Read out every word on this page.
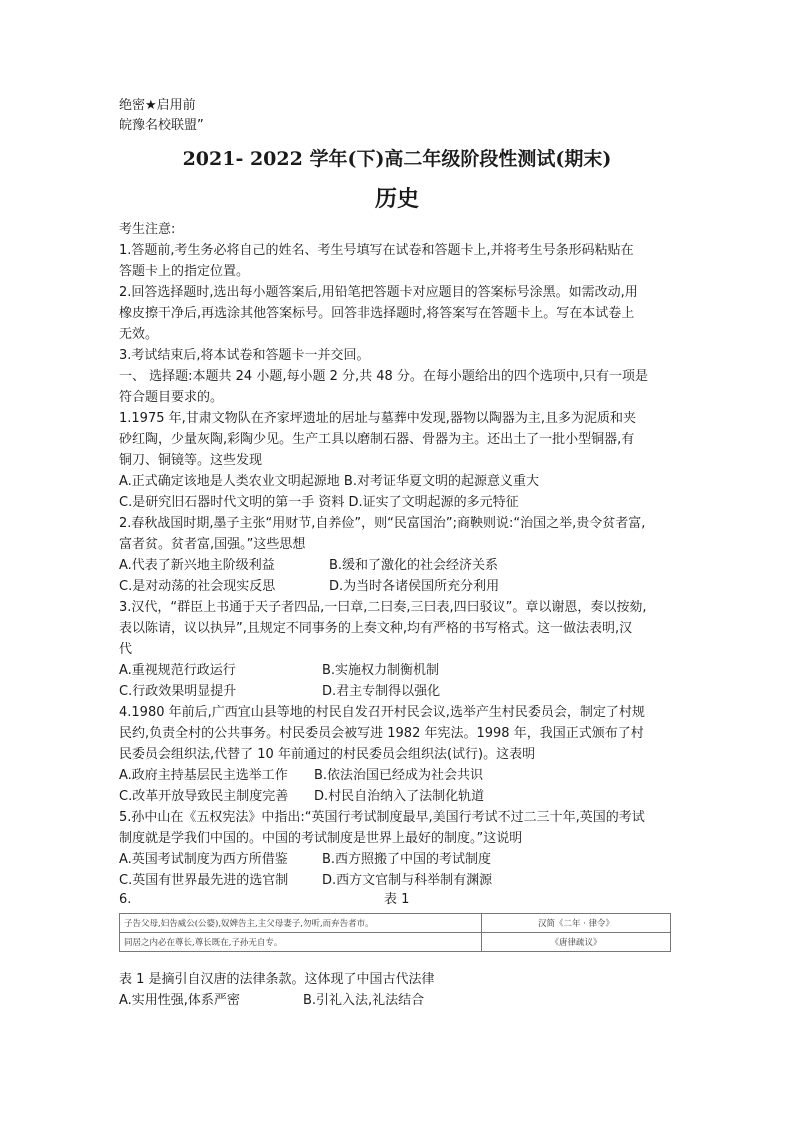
绝密★启用前
皖豫名校联盟”
2021- 2022 学年(下)高二年级阶段性测试(期末)
历史
考生注意:
1.答题前,考生务必将自己的姓名、考生号填写在试卷和答题卡上,并将考生号条形码粘贴在
答题卡上的指定位置。
2.回答选择题时,选出每小题答案后,用铅笔把答题卡对应题目的答案标号涂黑。如需改动,用
橡皮擦干净后,再选涂其他答案标号。回答非选择题时,将答案写在答题卡上。写在本试卷上
无效。
3.考试结束后,将本试卷和答题卡一并交回。
一、 选择题:本题共 24 小题,每小题 2 分,共 48 分。在每小题给出的四个选项中,只有一项是
符合题目要求的。
1.1975 年,甘肃文物队在齐家坪遗址的居址与墓葬中发现,器物以陶器为主,且多为泥质和夹
砂红陶，少量灰陶,彩陶少见。生产工具以磨制石器、骨器为主。还出土了一批小型铜器,有
铜刀、铜镜等。这些发现
A.正式确定该地是人类农业文明起源地 B.对考证华夏文明的起源意义重大
C.是研究旧石器时代文明的第一手 资料 D.证实了文明起源的多元特征
2.春秋战国时期,墨子主张“用财节,自养俭”，则“民富国治”;商鞅则说:“治国之举,贵令贫者富,
富者贫。贫者富,国强。”这些思想
A.代表了新兴地主阶级利益	B.缓和了激化的社会经济关系
C.是对动荡的社会现实反思	D.为当时各诸侯国所充分利用
3.汉代，“群臣上书通于天子者四品,一曰章,二曰奏,三曰表,四曰驳议”。章以谢恩，奏以按劾,
表以陈请，议以执异”,且规定不同事务的上奏文种,均有严格的书写格式。这一做法表明,汉
代
A.重视规范行政运行	B.实施权力制衡机制
C.行政效果明显提升	D.君主专制得以强化
4.1980 年前后,广西宜山县等地的村民自发召开村民会议,选举产生村民委员会，制定了村规
民约,负责全村的公共事务。村民委员会被写进 1982 年宪法。1998 年，我国正式颁布了村
民委员会组织法,代替了 10 年前通过的村民委员会组织法(试行)。这表明
A.政府主持基层民主选举工作 B.依法治国已经成为社会共识
C.改革开放导致民主制度完善 D.村民自治纳入了法制化轨道
5.孙中山在《五权宪法》中指出:“英国行考试制度最早,美国行考试不过二三十年,英国的考试
制度就是学我们中国的。中国的考试制度是世界上最好的制度。”这说明
A.英国考试制度为西方所借鉴	B.西方照搬了中国的考试制度
C.英国有世界最先进的选官制	D.西方文官制与科举制有渊源
6.	表 1
子告父母,妇告威公(公婆),奴婢告主,主父母妻子,勿听,而弃告者市。	汉简《二年 · 律令》
同居之内必在尊长,尊长既在,子孙无自专。	《唐律疏议》
表 1 是摘引自汉唐的法律条款。这体现了中国古代法律
A.实用性强,体系严密	B.引礼入法,礼法结合
